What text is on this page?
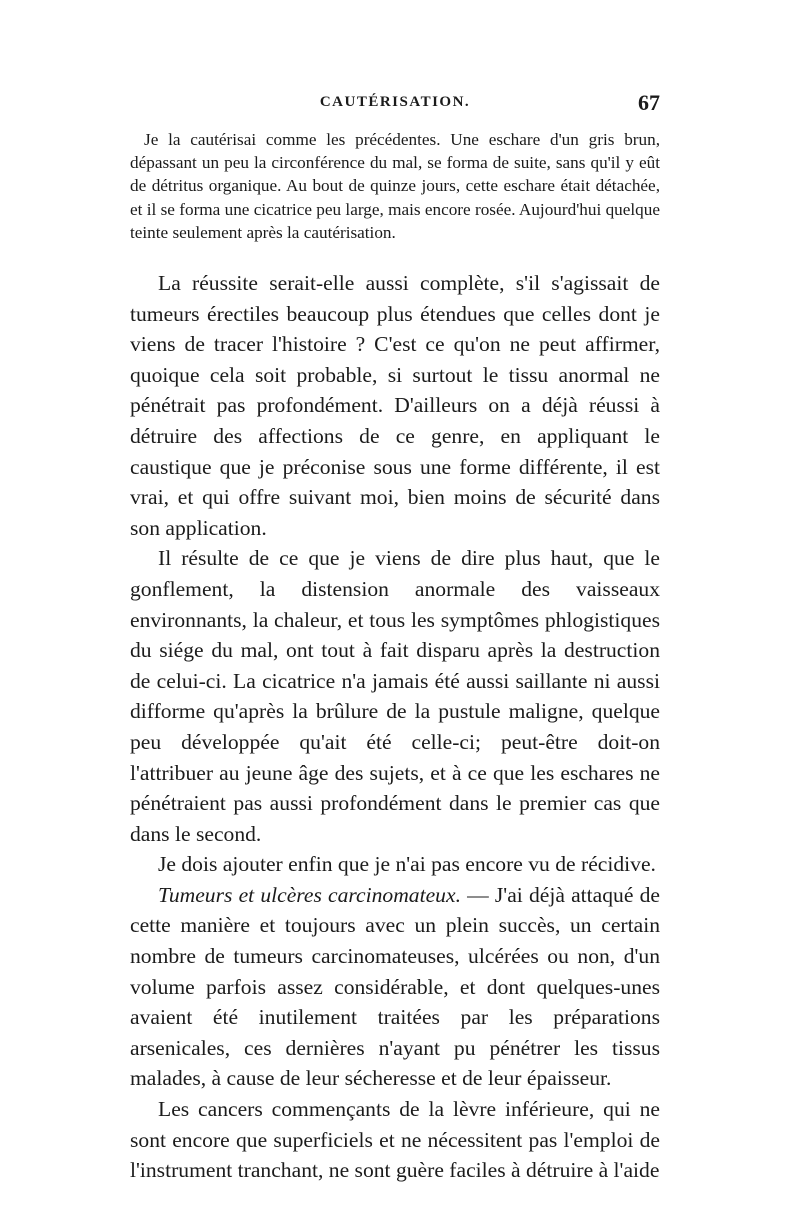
CAUTÉRISATION.	67

Je la cautérisai comme les précédentes. Une eschare d'un gris brun, dépassant un peu la circonférence du mal, se forma de suite, sans qu'il y eût de détritus organique. Au bout de quinze jours, cette eschare était détachée, et il se forma une cicatrice peu large, mais encore rosée. Aujourd'hui quelque teinte seulement après la cautérisation.

La réussite serait-elle aussi complète, s'il s'agissait de tumeurs érectiles beaucoup plus étendues que celles dont je viens de tracer l'histoire ? C'est ce qu'on ne peut affirmer, quoique cela soit probable, si surtout le tissu anormal ne pénétrait pas profondément. D'ailleurs on a déjà réussi à détruire des affections de ce genre, en appliquant le caustique que je préconise sous une forme différente, il est vrai, et qui offre suivant moi, bien moins de sécurité dans son application.

Il résulte de ce que je viens de dire plus haut, que le gonflement, la distension anormale des vaisseaux environnants, la chaleur, et tous les symptômes phlogistiques du siége du mal, ont tout à fait disparu après la destruction de celui-ci. La cicatrice n'a jamais été aussi saillante ni aussi difforme qu'après la brûlure de la pustule maligne, quelque peu développée qu'ait été celle-ci; peut-être doit-on l'attribuer au jeune âge des sujets, et à ce que les eschares ne pénétraient pas aussi profondément dans le premier cas que dans le second.

Je dois ajouter enfin que je n'ai pas encore vu de récidive.

Tumeurs et ulcères carcinomateux. — J'ai déjà attaqué de cette manière et toujours avec un plein succès, un certain nombre de tumeurs carcinomateuses, ulcérées ou non, d'un volume parfois assez considérable, et dont quelques-unes avaient été inutilement traitées par les préparations arsenicales, ces dernières n'ayant pu pénétrer les tissus malades, à cause de leur sécheresse et de leur épaisseur.

Les cancers commençants de la lèvre inférieure, qui ne sont encore que superficiels et ne nécessitent pas l'emploi de l'instrument tranchant, ne sont guère faciles à détruire à l'aide
